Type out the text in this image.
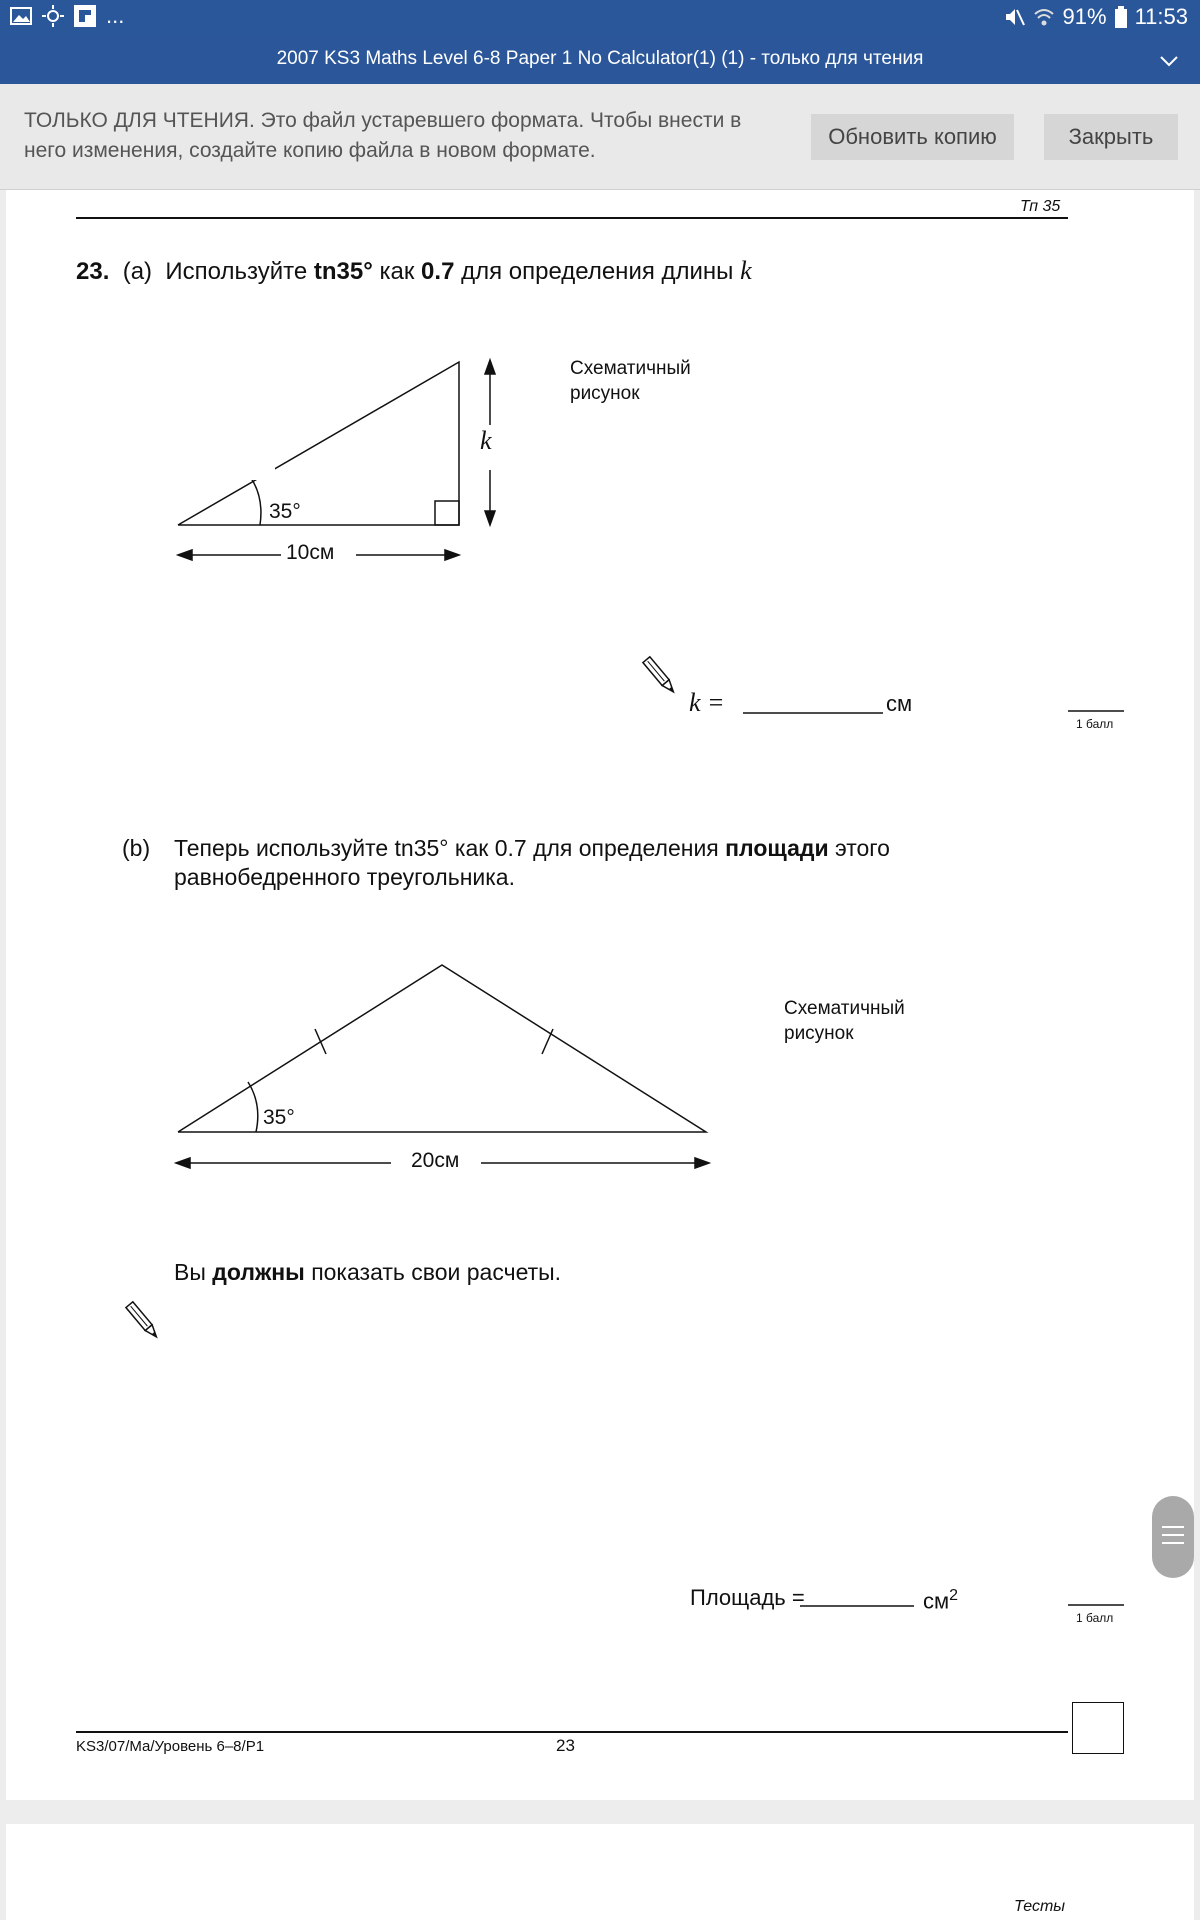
...	91% 11:53
2007 KS3 Maths Level 6-8 Paper 1 No Calculator(1) (1) - только для чтения
ТОЛЬКО ДЛЯ ЧТЕНИЯ. Это файл устаревшего формата. Чтобы внести в
него изменения, создайте копию файла в новом формате.
Обновить копию	Закрыть
Тп 35
23. (a) Используйте tn35° как 0.7 для определения длины k
Схематичный
рисунок
35°
k
10см
k =	см
1 балл
(b) Теперь используйте tn35° как 0.7 для определения площади этого
равнобедренного треугольника.
Схематичный
рисунок
35°
20см
Вы должны показать свои расчеты.
Площадь =	$см^2$
1 балл
KS3/07/Ма/Уровень 6–8/P1	23
Тесты
